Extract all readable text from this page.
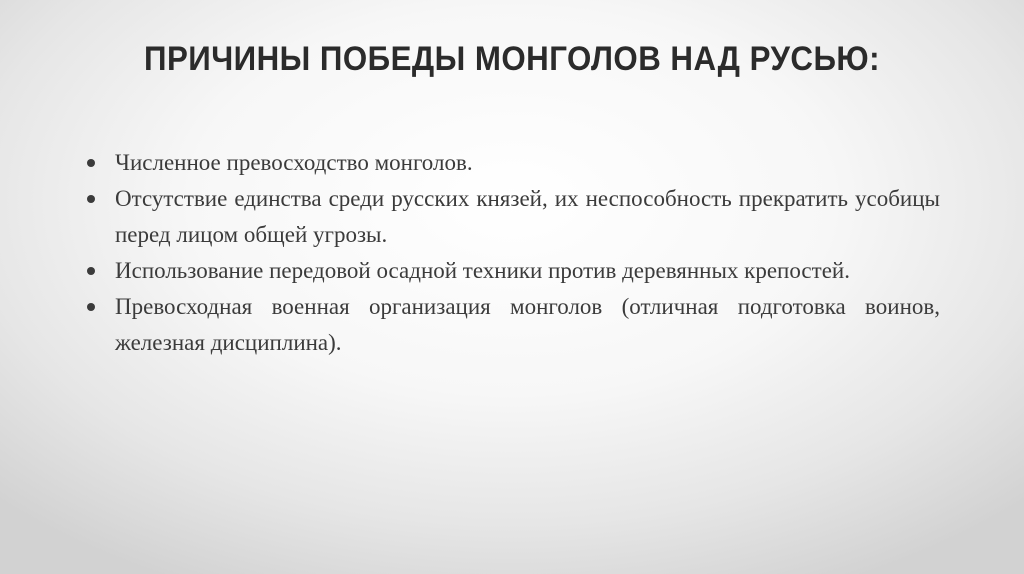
ПРИЧИНЫ ПОБЕДЫ МОНГОЛОВ НАД РУСЬЮ:
Численное превосходство монголов.
Отсутствие единства среди русских князей, их неспособность прекратить усобицы перед лицом общей угрозы.
Использование передовой осадной техники против деревянных крепостей.
Превосходная военная организация монголов (отличная подготовка воинов, железная дисциплина).
